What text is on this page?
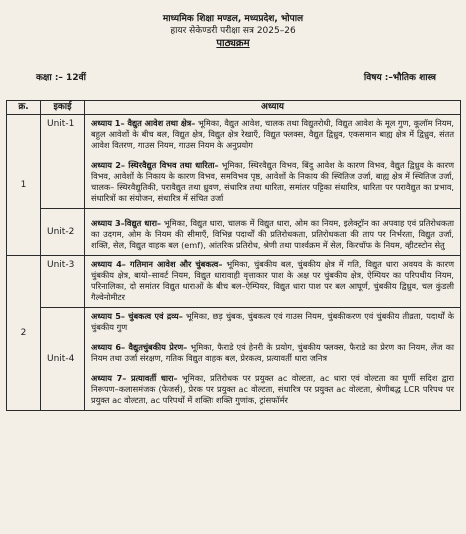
माध्यमिक शिक्षा मण्डल, मध्यप्रदेश, भोपाल
हायर सेकेण्डरी परीक्षा सत्र 2025–26
पाठ्यक्रम
कक्षा :– 12वीं	विषय :–भौतिक शास्त्र
क्र.	इकाई	अध्याय
1	Unit-1	अध्याय 1– वैद्युत आवेश तथा क्षेत्र– भूमिका, वैद्युत आवेश, चालक तथा विद्युतरोधी, विद्युत आवेश के मूल गुण, कूलॉम नियम, बहुल आवेशों के बीच बल, विद्युत क्षेत्र, विद्युत क्षेत्र रेखाएँ, विद्युत फ्लक्स, वैद्युत द्विध्रुव, एकसमान बाह्य क्षेत्र में द्विध्रुव, संतत आवेश वितरण, गाउस नियम, गाउस नियम के अनुप्रयोग
अध्याय 2– स्थिरवैद्युत विभव तथा धारिता– भूमिका, स्थिरवैद्युत विभव, बिंदु आवेश के कारण विभव, वैद्युत द्विध्रुव के कारण विभव, आवेशों के निकाय के कारण विभव, समविभव पृष्ठ, आवेशों के निकाय की स्थितिज उर्जा, बाह्य क्षेत्र में स्थितिज उर्जा, चालक– स्थिरवैद्युतिकी, परावैद्युत तथा ध्रुवण, संधारित्र तथा धारिता, समांतर पट्टिका संधारित्र, धारिता पर परावैद्युत का प्रभाव, संधारित्रों का संयोजन, संधारित्र में संचित उर्जा

	Unit-2	अध्याय 3–विद्युत धारा– भूमिका, विद्युत धारा, चालक में विद्युत धारा, ओम का नियम, इलेक्ट्रॉन का अपवाह एवं प्रतिरोधकता का उदगम, ओम के नियम की सीमाएँ, विभिन्न पदार्थों की प्रतिरोधकता, प्रतिरोधकता की ताप पर निर्भरता, विद्युत उर्जा, शक्ति, सेल, विद्युत वाहक बल (emf), आंतरिक प्रतिरोध, श्रेणी तथा पार्श्वक्रम में सेल, किरचॉफ के नियम, व्हीटस्टोन सेतु

2	Unit-3	अध्याय 4– गतिमान आवेश और चुंबकत्व– भूमिका, चुंबकीय बल, चुंबकीय क्षेत्र में गति, विद्युत धारा अवयव के कारण चुंबकीय क्षेत्र, बायो–सावर्ट नियम, विद्युत धारावाही वृत्ताकार पाश के अक्ष पर चुंबकीय क्षेत्र, ऐम्पियर का परिपथीय नियम, परिनालिका, दो समांतर विद्युत धाराओं के बीच बल–ऐम्पियर, विद्युत धारा पाश पर बल आघूर्ण, चुंबकीय द्विध्रुव, चल कुंडली गैल्वेनोमीटर

	Unit-4	अध्याय 5– चुंबकत्व एवं द्रव्य– भूमिका, छड़ चुंबक, चुंबकत्व एवं गाउस नियम, चुंबकीकरण एवं चुंबकीय तीव्रता, पदार्थों के चुंबकीय गुण
अध्याय 6– वैद्युतचुंबकीय प्रेरण– भूमिका, फैराडे एवं हेनरी के प्रयोग, चुंबकीय फ्लक्स, फैराडे का प्रेरण का नियम, लेंज का नियम तथा उर्जा संरक्षण, गतिक विद्युत वाहक बल, प्रेरकत्व, प्रत्यावर्ती धारा जनित्र
अध्याय 7– प्रत्यावर्ती धारा– भूमिका, प्रतिरोधक पर प्रयुक्त ac वोल्टता, ac धारा एवं वोल्टता का घूर्णी सदिश द्वारा निरूपण–कलासमंजक (फेजर्स), प्रेरक पर प्रयुक्त ac वोल्टता, संधारित्र पर प्रयुक्त ac वोल्टता, श्रेणीबद्ध LCR परिपथ पर प्रयुक्त ac वोल्टता, ac परिपथों में शक्तिः शक्ति गुणांक, ट्रांसफॉर्मर
